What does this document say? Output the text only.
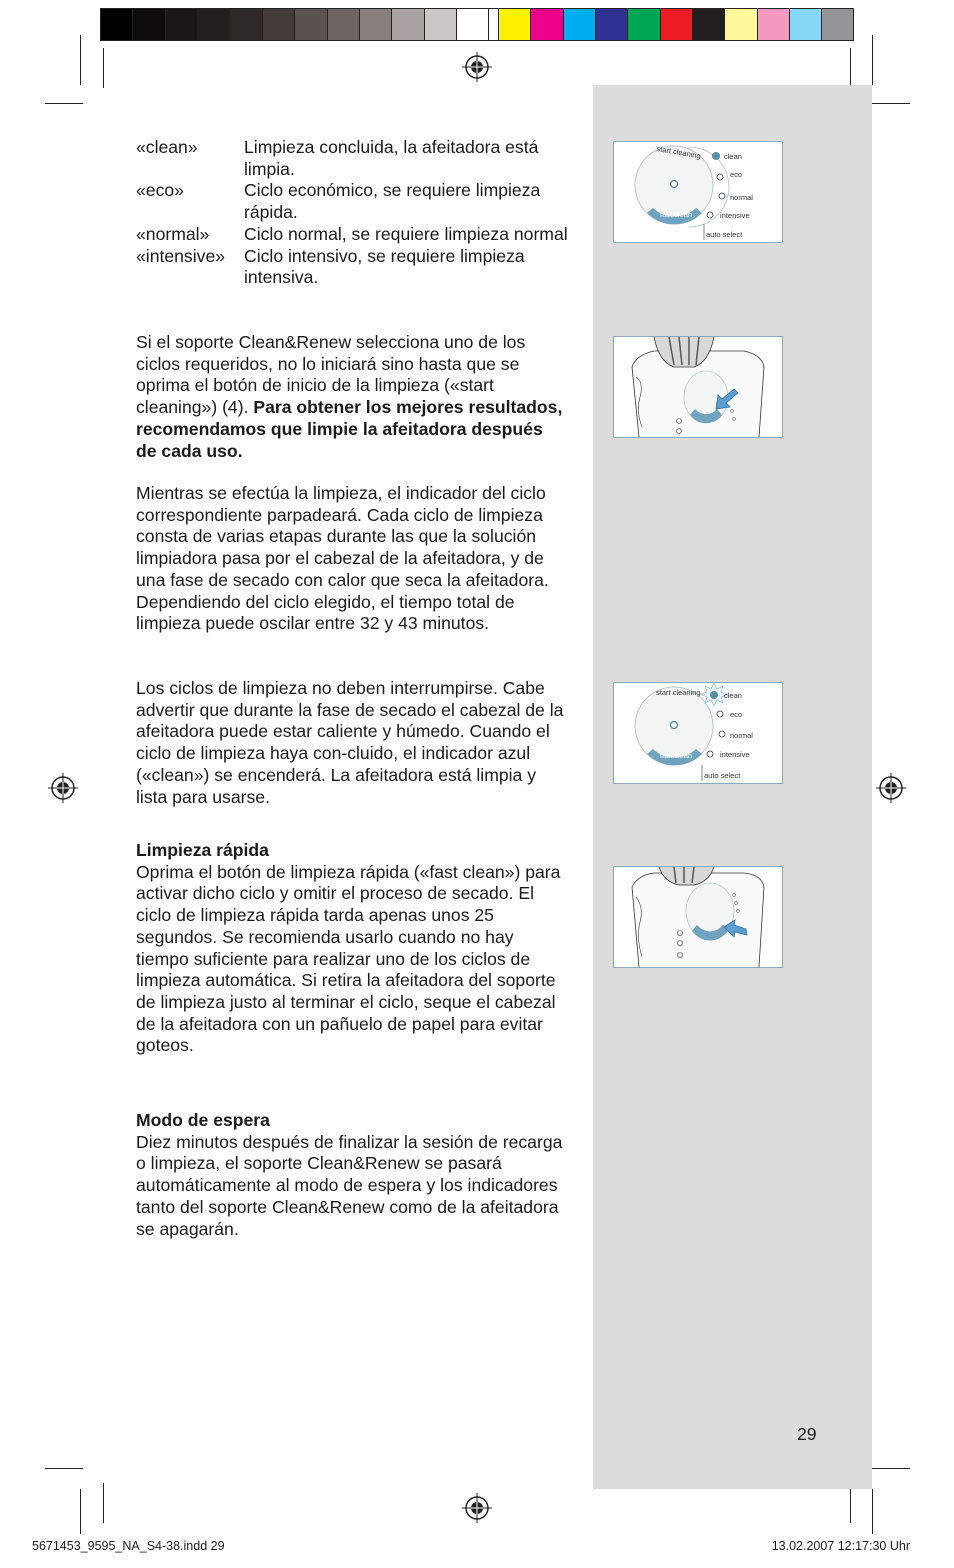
«clean»	Limpieza concluida, la afeitadora está limpia.
«eco»	Ciclo económico, se requiere limpieza rápida.
«normal»	Ciclo normal, se requiere limpieza normal
«intensive»	Ciclo intensivo, se requiere limpieza intensiva.
Si el soporte Clean&Renew selecciona uno de los ciclos requeridos, no lo iniciará sino hasta que se oprima el botón de inicio de la limpieza («start cleaning») (4). Para obtener los mejores resultados, recomendamos que limpie la afeitadora después de cada uso.
Mientras se efectúa la limpieza, el indicador del ciclo correspondiente parpadeará. Cada ciclo de limpieza consta de varias etapas durante las que la solución limpiadora pasa por el cabezal de la afeitadora, y de una fase de secado con calor que seca la afeitadora. Dependiendo del ciclo elegido, el tiempo total de limpieza puede oscilar entre 32 y 43 minutos.
Los ciclos de limpieza no deben interrumpirse. Cabe advertir que durante la fase de secado el cabezal de la afeitadora puede estar caliente y húmedo. Cuando el ciclo de limpieza haya con-cluido, el indicador azul («clean») se encenderá. La afeitadora está limpia y lista para usarse.
Limpieza rápida
Oprima el botón de limpieza rápida («fast clean») para activar dicho ciclo y omitir el proceso de secado. El ciclo de limpieza rápida tarda apenas unos 25 segundos. Se recomienda usarlo cuando no hay tiempo suficiente para realizar uno de los ciclos de limpieza automática. Si retira la afeitadora del soporte de limpieza justo al terminar el ciclo, seque el cabezal de la afeitadora con un pañuelo de papel para evitar goteos.
Modo de espera
Diez minutos después de finalizar la sesión de recarga o limpieza, el soporte Clean&Renew se pasará automáticamente al modo de espera y los indicadores tanto del soporte Clean&Renew como de la afeitadora se apagarán.
start cleaning
fast clean
clean
eco
normal
intensive
auto select
start cleaning
fast clean
clean
eco
normal
intensive
auto select
29
5671453_9595_NA_S4-38.indd 29	13.02.2007 12:17:30 Uhr
